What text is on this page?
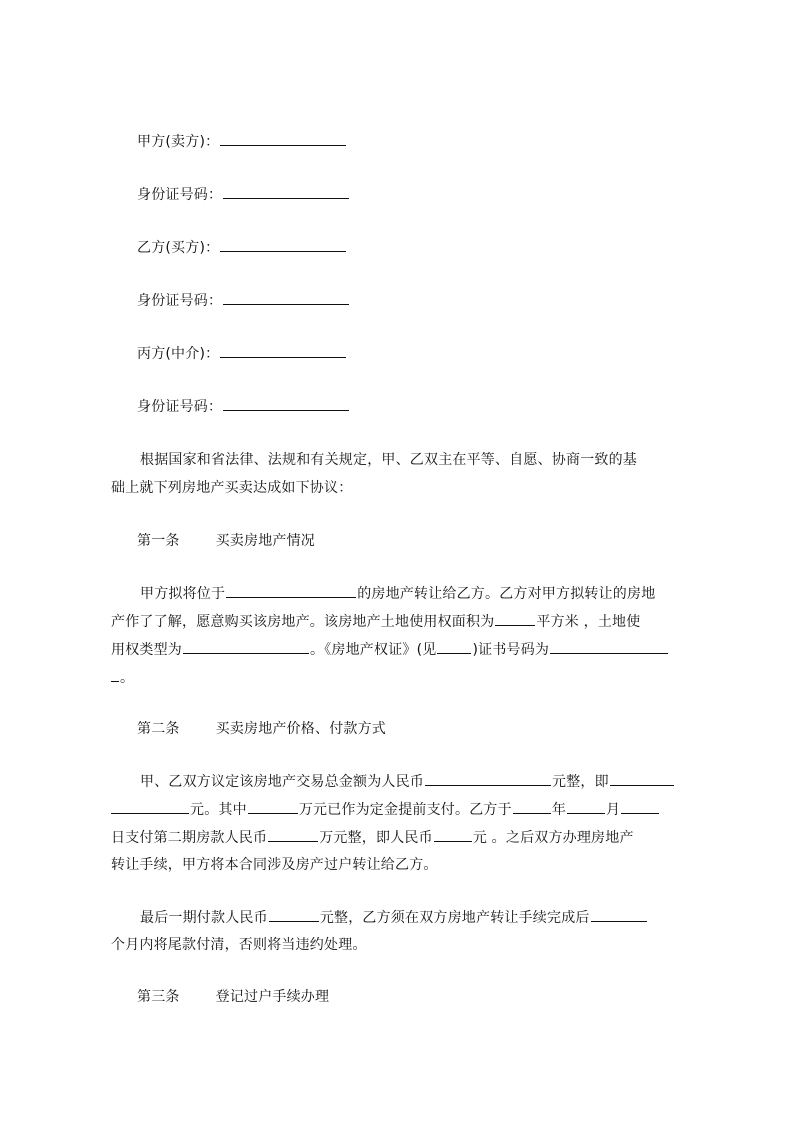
甲方(卖方)：
身份证号码：
乙方(买方)：
身份证号码：
丙方(中介)：
身份证号码：
根据国家和省法律、法规和有关规定，甲、乙双主在平等、自愿、协商一致的基
础上就下列房地产买卖达成如下协议：
第一条	买卖房地产情况
甲方拟将位于	的房地产转让给乙方。乙方对甲方拟转让的房地
产作了了解，愿意购买该房地产。该房地产土地使用权面积为	平方米 ，土地使
用权类型为	。《房地产权证》(见	)证书号码为
。
第二条	买卖房地产价格、付款方式
甲、乙双方议定该房地产交易总金额为人民币	元整，即
元。其中	万元已作为定金提前支付。乙方于	年	月
日支付第二期房款人民币	万元整，即人民币	元 。之后双方办理房地产
转让手续，甲方将本合同涉及房产过户转让给乙方。
最后一期付款人民币	元整，乙方须在双方房地产转让手续完成后
个月内将尾款付清，否则将当违约处理。
第三条	登记过户手续办理
